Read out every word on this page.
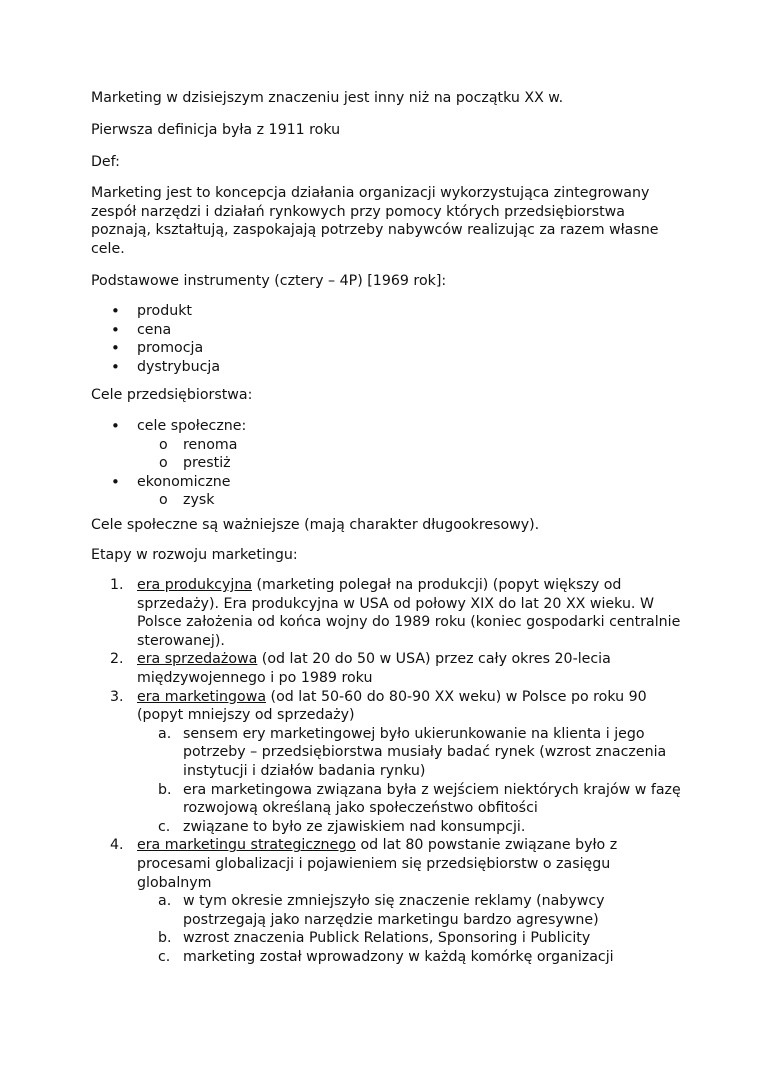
Marketing w dzisiejszym znaczeniu jest inny niż na początku XX w.

Pierwsza definicja była z 1911 roku

Def:

Marketing jest to koncepcja działania organizacji wykorzystująca zintegrowany zespół narzędzi i działań rynkowych przy pomocy których przedsiębiorstwa poznają, kształtują, zaspokajają potrzeby nabywców realizując za razem własne cele.

Podstawowe instrumenty (cztery – 4P) [1969 rok]:

• produkt
• cena
• promocja
• dystrybucja

Cele przedsiębiorstwa:

• cele społeczne:
o renoma
o prestiż
• ekonomiczne
o zysk

Cele społeczne są ważniejsze (mają charakter długookresowy).

Etapy w rozwoju marketingu:

1. era produkcyjna (marketing polegał na produkcji) (popyt większy od sprzedaży). Era produkcyjna w USA od połowy XIX do lat 20 XX wieku. W Polsce założenia od końca wojny do 1989 roku (koniec gospodarki centralnie sterowanej).
2. era sprzedażowa (od lat 20 do 50 w USA) przez cały okres 20-lecia międzywojennego i po 1989 roku
3. era marketingowa (od lat 50-60 do 80-90 XX weku) w Polsce po roku 90 (popyt mniejszy od sprzedaży)
a. sensem ery marketingowej było ukierunkowanie na klienta i jego potrzeby – przedsiębiorstwa musiały badać rynek (wzrost znaczenia instytucji i działów badania rynku)
b. era marketingowa związana była z wejściem niektórych krajów w fazę rozwojową określaną jako społeczeństwo obfitości
c. związane to było ze zjawiskiem nad konsumpcji.
4. era marketingu strategicznego od lat 80 powstanie związane było z procesami globalizacji i pojawieniem się przedsiębiorstw o zasięgu globalnym
a. w tym okresie zmniejszyło się znaczenie reklamy (nabywcy postrzegają jako narzędzie marketingu bardzo agresywne)
b. wzrost znaczenia Publick Relations, Sponsoring i Publicity
c. marketing został wprowadzony w każdą komórkę organizacji
